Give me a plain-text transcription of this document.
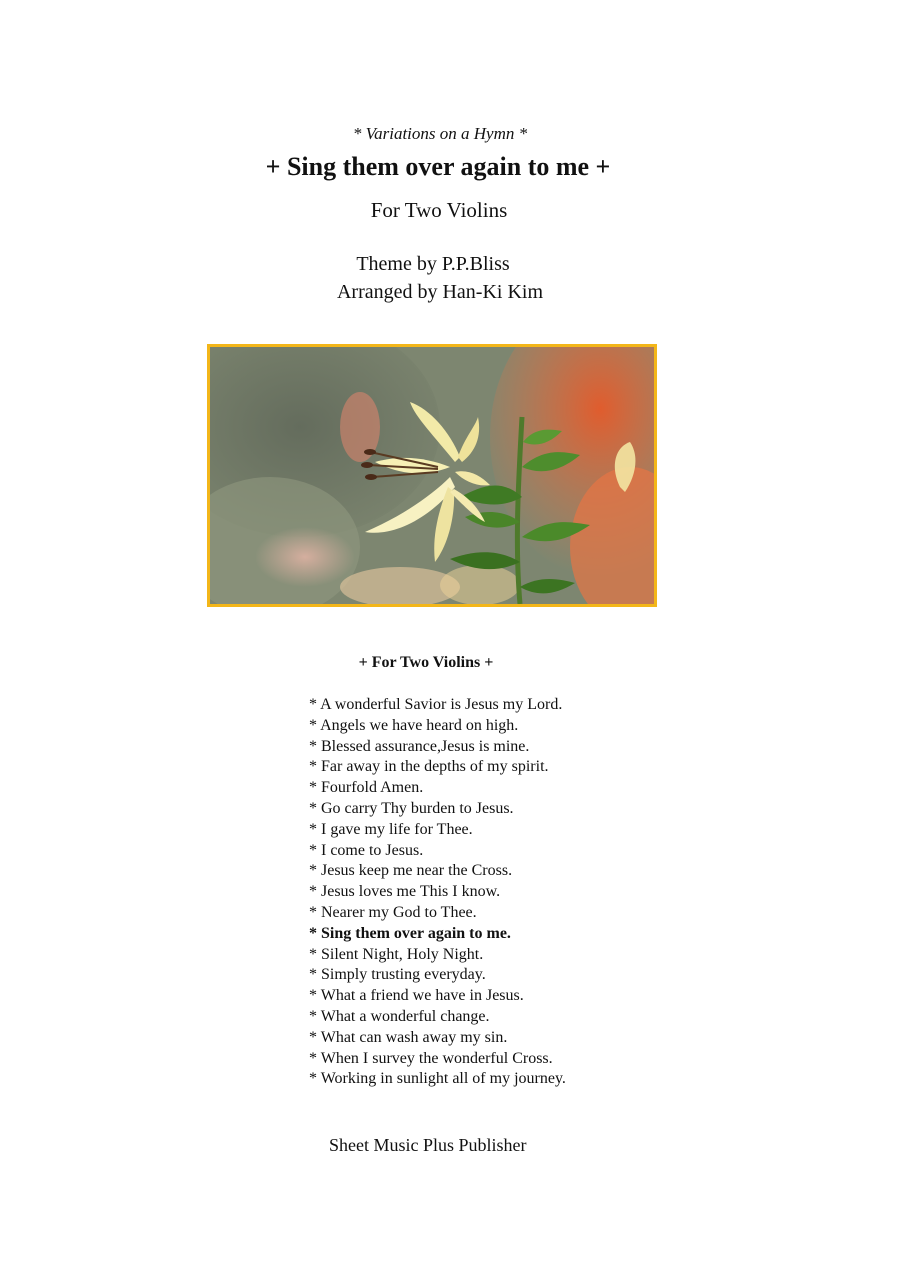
* Variations on a Hymn *
+ Sing them over again to me +
For Two Violins
Theme by P.P.Bliss
Arranged by Han-Ki Kim
+ For Two Violins +
* A wonderful Savior is Jesus my Lord.
* Angels we have heard on high.
* Blessed assurance,Jesus is mine.
* Far away in the depths of my spirit.
* Fourfold Amen.
* Go carry Thy burden to Jesus.
* I gave my life for Thee.
* I come to Jesus.
* Jesus keep me near the Cross.
* Jesus loves me This I know.
* Nearer my God to Thee.
* Sing them over again to me.
* Silent Night, Holy Night.
* Simply trusting everyday.
* What a friend we have in Jesus.
* What a wonderful change.
* What can wash away my sin.
* When I survey the wonderful Cross.
* Working in sunlight all of my journey.
Sheet Music Plus Publisher
